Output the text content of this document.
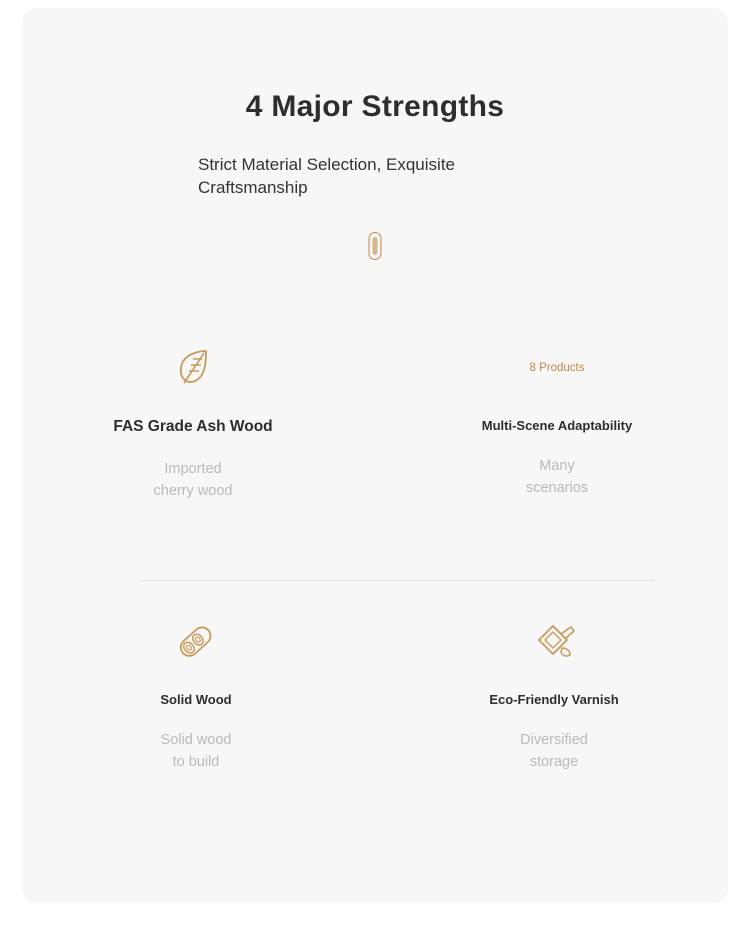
4 Major Strengths

Strict Material Selection, Exquisite

Craftsmanship

FAS Grade Ash Wood
Imported
cherry wood
8 Products
Multi-Scene Adaptability
Many
scenarios
Solid Wood
Solid wood
to build
Eco-Friendly Varnish
Diversified
storage
